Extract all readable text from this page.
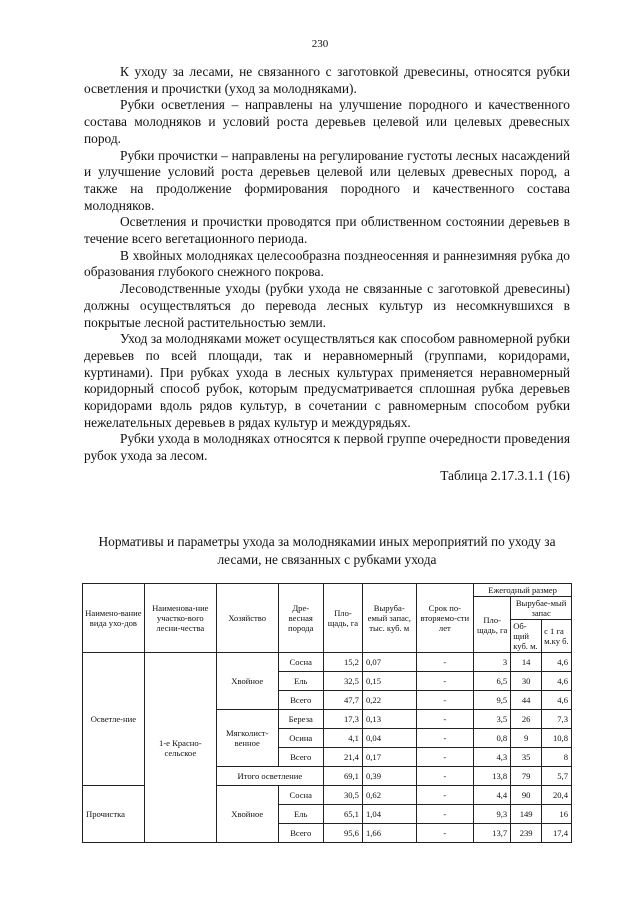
230

К уходу за лесами, не связанного с заготовкой древесины, относятся рубки осветления и прочистки (уход за молодняками).

Рубки осветления – направлены на улучшение породного и качественного состава молодняков и условий роста деревьев целевой или целевых древесных пород.

Рубки прочистки – направлены на регулирование густоты лесных насаждений и улучшение условий роста деревьев целевой или целевых древесных пород, а также на продолжение формирования породного и качественного состава молодняков.

Осветления и прочистки проводятся при облиственном состоянии деревьев в течение всего вегетационного периода.

В хвойных молодняках целесообразна позднеосенняя и раннезимняя рубка до образования глубокого снежного покрова.

Лесоводственные уходы (рубки ухода не связанные с заготовкой древесины) должны осуществляться до перевода лесных культур из несомкнувшихся в покрытые лесной растительностью земли.

Уход за молодняками может осуществляться как способом равномерной рубки деревьев по всей площади, так и неравномерный (группами, коридорами, куртинами). При рубках ухода в лесных культурах применяется неравномерный коридорный способ рубок, которым предусматривается сплошная рубка деревьев коридорами вдоль рядов культур, в сочетании с равномерным способом рубки нежелательных деревьев в рядах культур и междурядьях.

Рубки ухода в молодняках относятся к первой группе очередности проведения рубок ухода за лесом.

Таблица 2.17.3.1.1 (16)
Нормативы и параметры ухода за молоднякамии иных мероприятий по уходу за лесами, не связанных с рубками ухода
Наимено-вание вида ухо-дов	Наименова-ние участко-вого лесни-чества	Хозяйство	Дре-весная порода	Пло-щадь, га	Выруба-емый запас, тыс. куб. м	Срок по-вторяемо-сти лет	Ежегодный размер		
							Пло-щадь, га	Вырубае-мый запас	
								Об-щий куб. м.	с 1 га м.ку б.

Осветле-ние	1-е Красно-сельское	Хвойное	Сосна	15,2	0,07	-	3	14	4,6
			Ель	32,5	0,15	-	6,5	30	4,6
			Всего	47,7	0,22	-	9,5	44	4,6
		Мягколист-венное	Береза	17,3	0,13	-	3,5	26	7,3
			Осина	4,1	0,04	-	0,8	9	10,8
			Всего	21,4	0,17	-	4,3	35	8
		Итого осветление		69,1	0,39	-	13,8	79	5,7
Прочистка		Хвойное	Сосна	30,5	0,62	-	4,4	90	20,4
			Ель	65,1	1,04	-	9,3	149	16
			Всего	95,6	1,66	-	13,7	239	17,4
